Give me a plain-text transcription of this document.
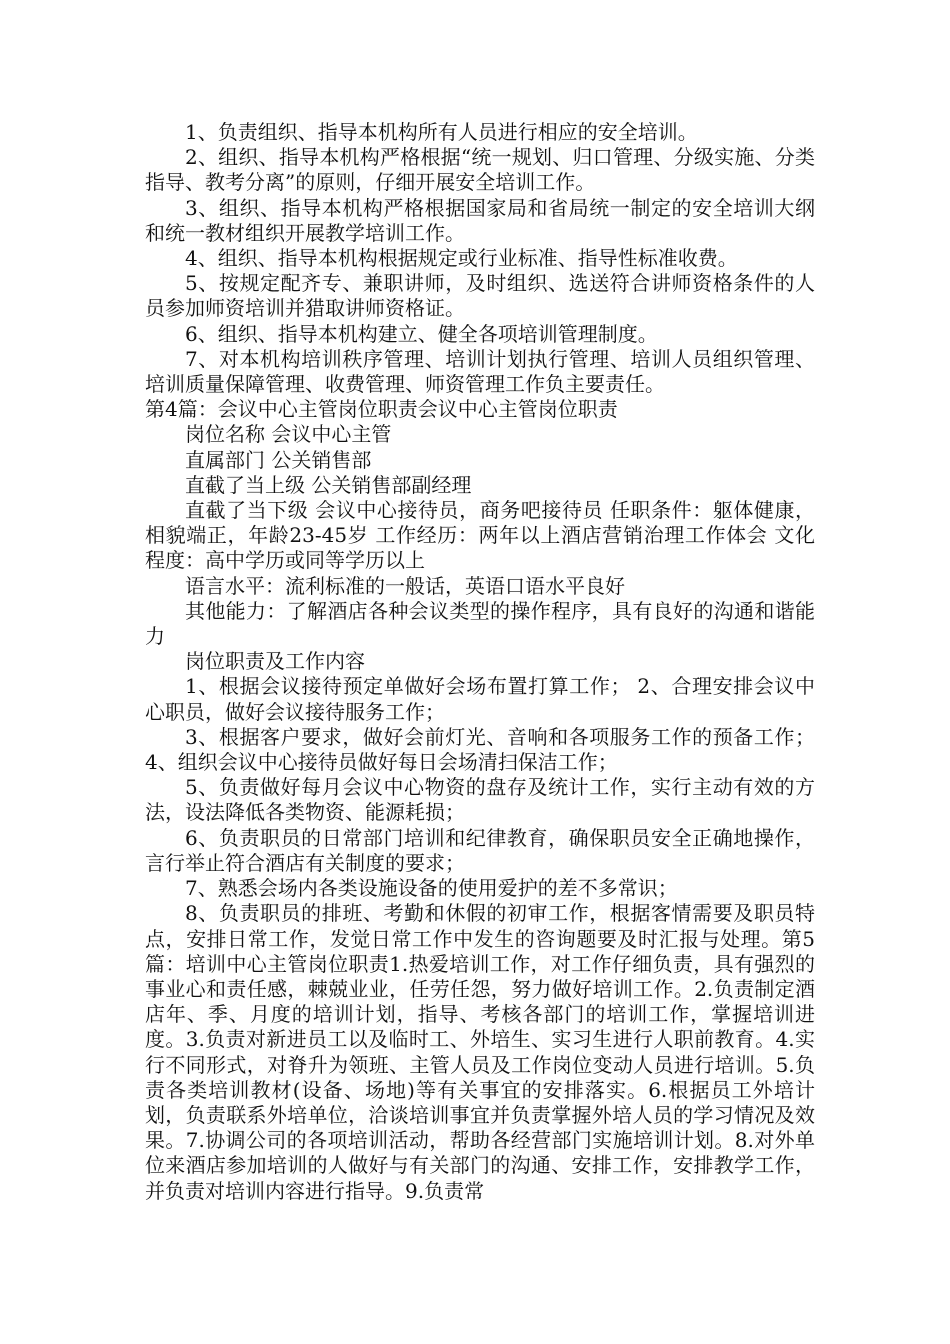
1、负责组织、指导本机构所有人员进行相应的安全培训。

2、组织、指导本机构严格根据“统一规划、归口管理、分级实施、分类指导、教考分离”的原则，仔细开展安全培训工作。

3、组织、指导本机构严格根据国家局和省局统一制定的安全培训大纲和统一教材组织开展教学培训工作。

4、组织、指导本机构根据规定或行业标准、指导性标准收费。

5、按规定配齐专、兼职讲师，及时组织、选送符合讲师资格条件的人员参加师资培训并猎取讲师资格证。

6、组织、指导本机构建立、健全各项培训管理制度。

7、对本机构培训秩序管理、培训计划执行管理、培训人员组织管理、培训质量保障管理、收费管理、师资管理工作负主要责任。

第4篇：会议中心主管岗位职责会议中心主管岗位职责

岗位名称 会议中心主管

直属部门 公关销售部

直截了当上级 公关销售部副经理

直截了当下级 会议中心接待员，商务吧接待员 任职条件：躯体健康，相貌端正，年龄23-45岁 工作经历：两年以上酒店营销治理工作体会 文化程度：高中学历或同等学历以上

语言水平：流利标准的一般话，英语口语水平良好

其他能力：了解酒店各种会议类型的操作程序，具有良好的沟通和谐能力

岗位职责及工作内容

1、根据会议接待预定单做好会场布置打算工作； 2、合理安排会议中心职员，做好会议接待服务工作；

3、根据客户要求，做好会前灯光、音响和各项服务工作的预备工作； 4、组织会议中心接待员做好每日会场清扫保洁工作；

5、负责做好每月会议中心物资的盘存及统计工作，实行主动有效的方法，设法降低各类物资、能源耗损；

6、负责职员的日常部门培训和纪律教育，确保职员安全正确地操作，言行举止符合酒店有关制度的要求；

7、熟悉会场内各类设施设备的使用爱护的差不多常识；

8、负责职员的排班、考勤和休假的初审工作，根据客情需要及职员特点，安排日常工作，发觉日常工作中发生的咨询题要及时汇报与处理。第5篇：培训中心主管岗位职责1.热爱培训工作，对工作仔细负责，具有强烈的事业心和责任感，棘兢业业，任劳任怨，努力做好培训工作。2.负责制定酒店年、季、月度的培训计划，指导、考核各部门的培训工作，掌握培训进度。3.负责对新进员工以及临时工、外培生、实习生进行人职前教育。4.实行不同形式，对脊升为领班、主管人员及工作岗位变动人员进行培训。5.负责各类培训教材(设备、场地)等有关事宜的安排落实。6.根据员工外培计划，负责联系外培单位，洽谈培训事宜并负责掌握外培人员的学习情况及效果。7.协调公司的各项培训活动，帮助各经营部门实施培训计划。8.对外单位来酒店参加培训的人做好与有关部门的沟通、安排工作，安排教学工作，并负责对培训内容进行指导。9.负责常
